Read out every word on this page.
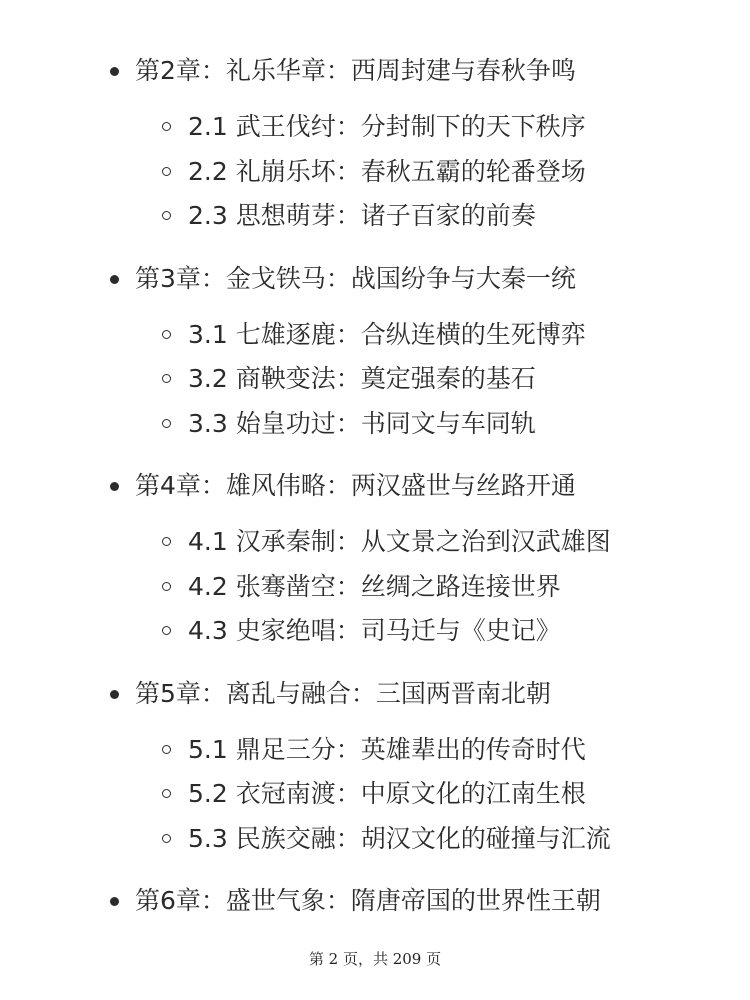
第2章：礼乐华章：西周封建与春秋争鸣
2.1 武王伐纣：分封制下的天下秩序
2.2 礼崩乐坏：春秋五霸的轮番登场
2.3 思想萌芽：诸子百家的前奏
第3章：金戈铁马：战国纷争与大秦一统
3.1 七雄逐鹿：合纵连横的生死博弈
3.2 商鞅变法：奠定强秦的基石
3.3 始皇功过：书同文与车同轨
第4章：雄风伟略：两汉盛世与丝路开通
4.1 汉承秦制：从文景之治到汉武雄图
4.2 张骞凿空：丝绸之路连接世界
4.3 史家绝唱：司马迁与《史记》
第5章：离乱与融合：三国两晋南北朝
5.1 鼎足三分：英雄辈出的传奇时代
5.2 衣冠南渡：中原文化的江南生根
5.3 民族交融：胡汉文化的碰撞与汇流
第6章：盛世气象：隋唐帝国的世界性王朝
第 2 页，共 209 页
